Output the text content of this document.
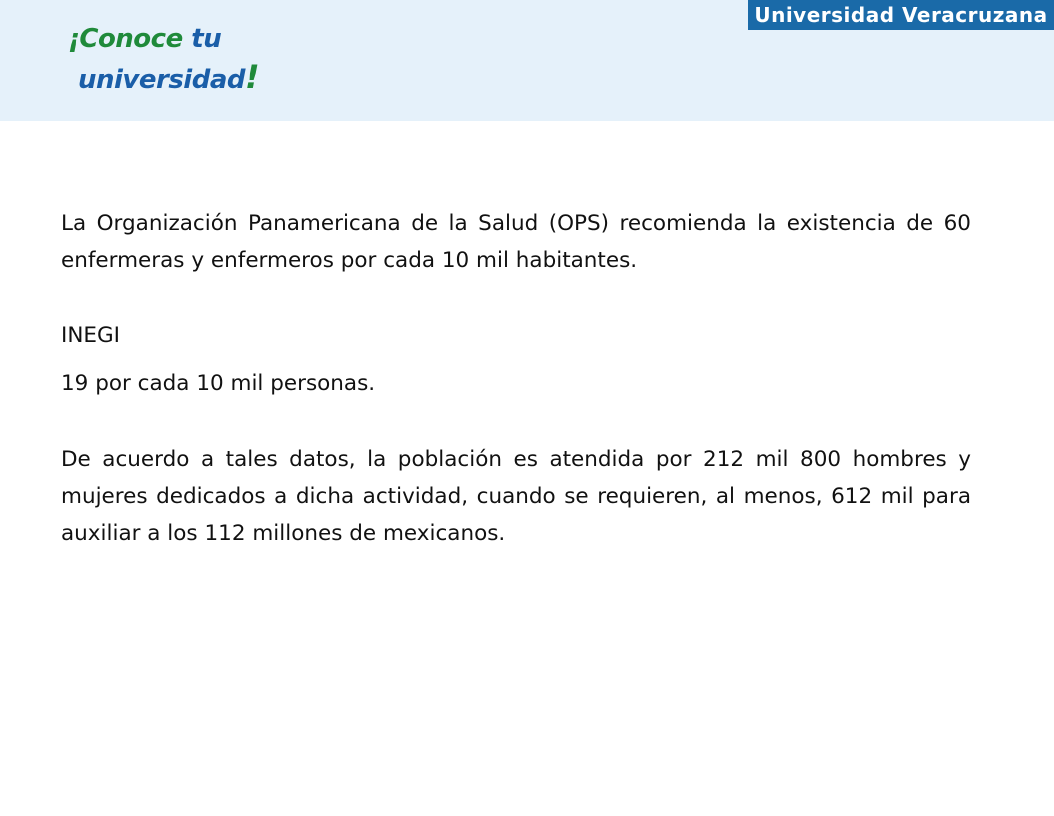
¡Conoce tu
universidad!
Universidad Veracruzana

La Organización Panamericana de la Salud (OPS) recomienda la existencia de 60 enfermeras y enfermeros por cada 10 mil habitantes.

INEGI

19 por cada 10 mil personas.

De acuerdo a tales datos, la población es atendida por 212 mil 800 hombres y mujeres dedicados a dicha actividad, cuando se requieren, al menos, 612 mil para auxiliar a los 112 millones de mexicanos.
